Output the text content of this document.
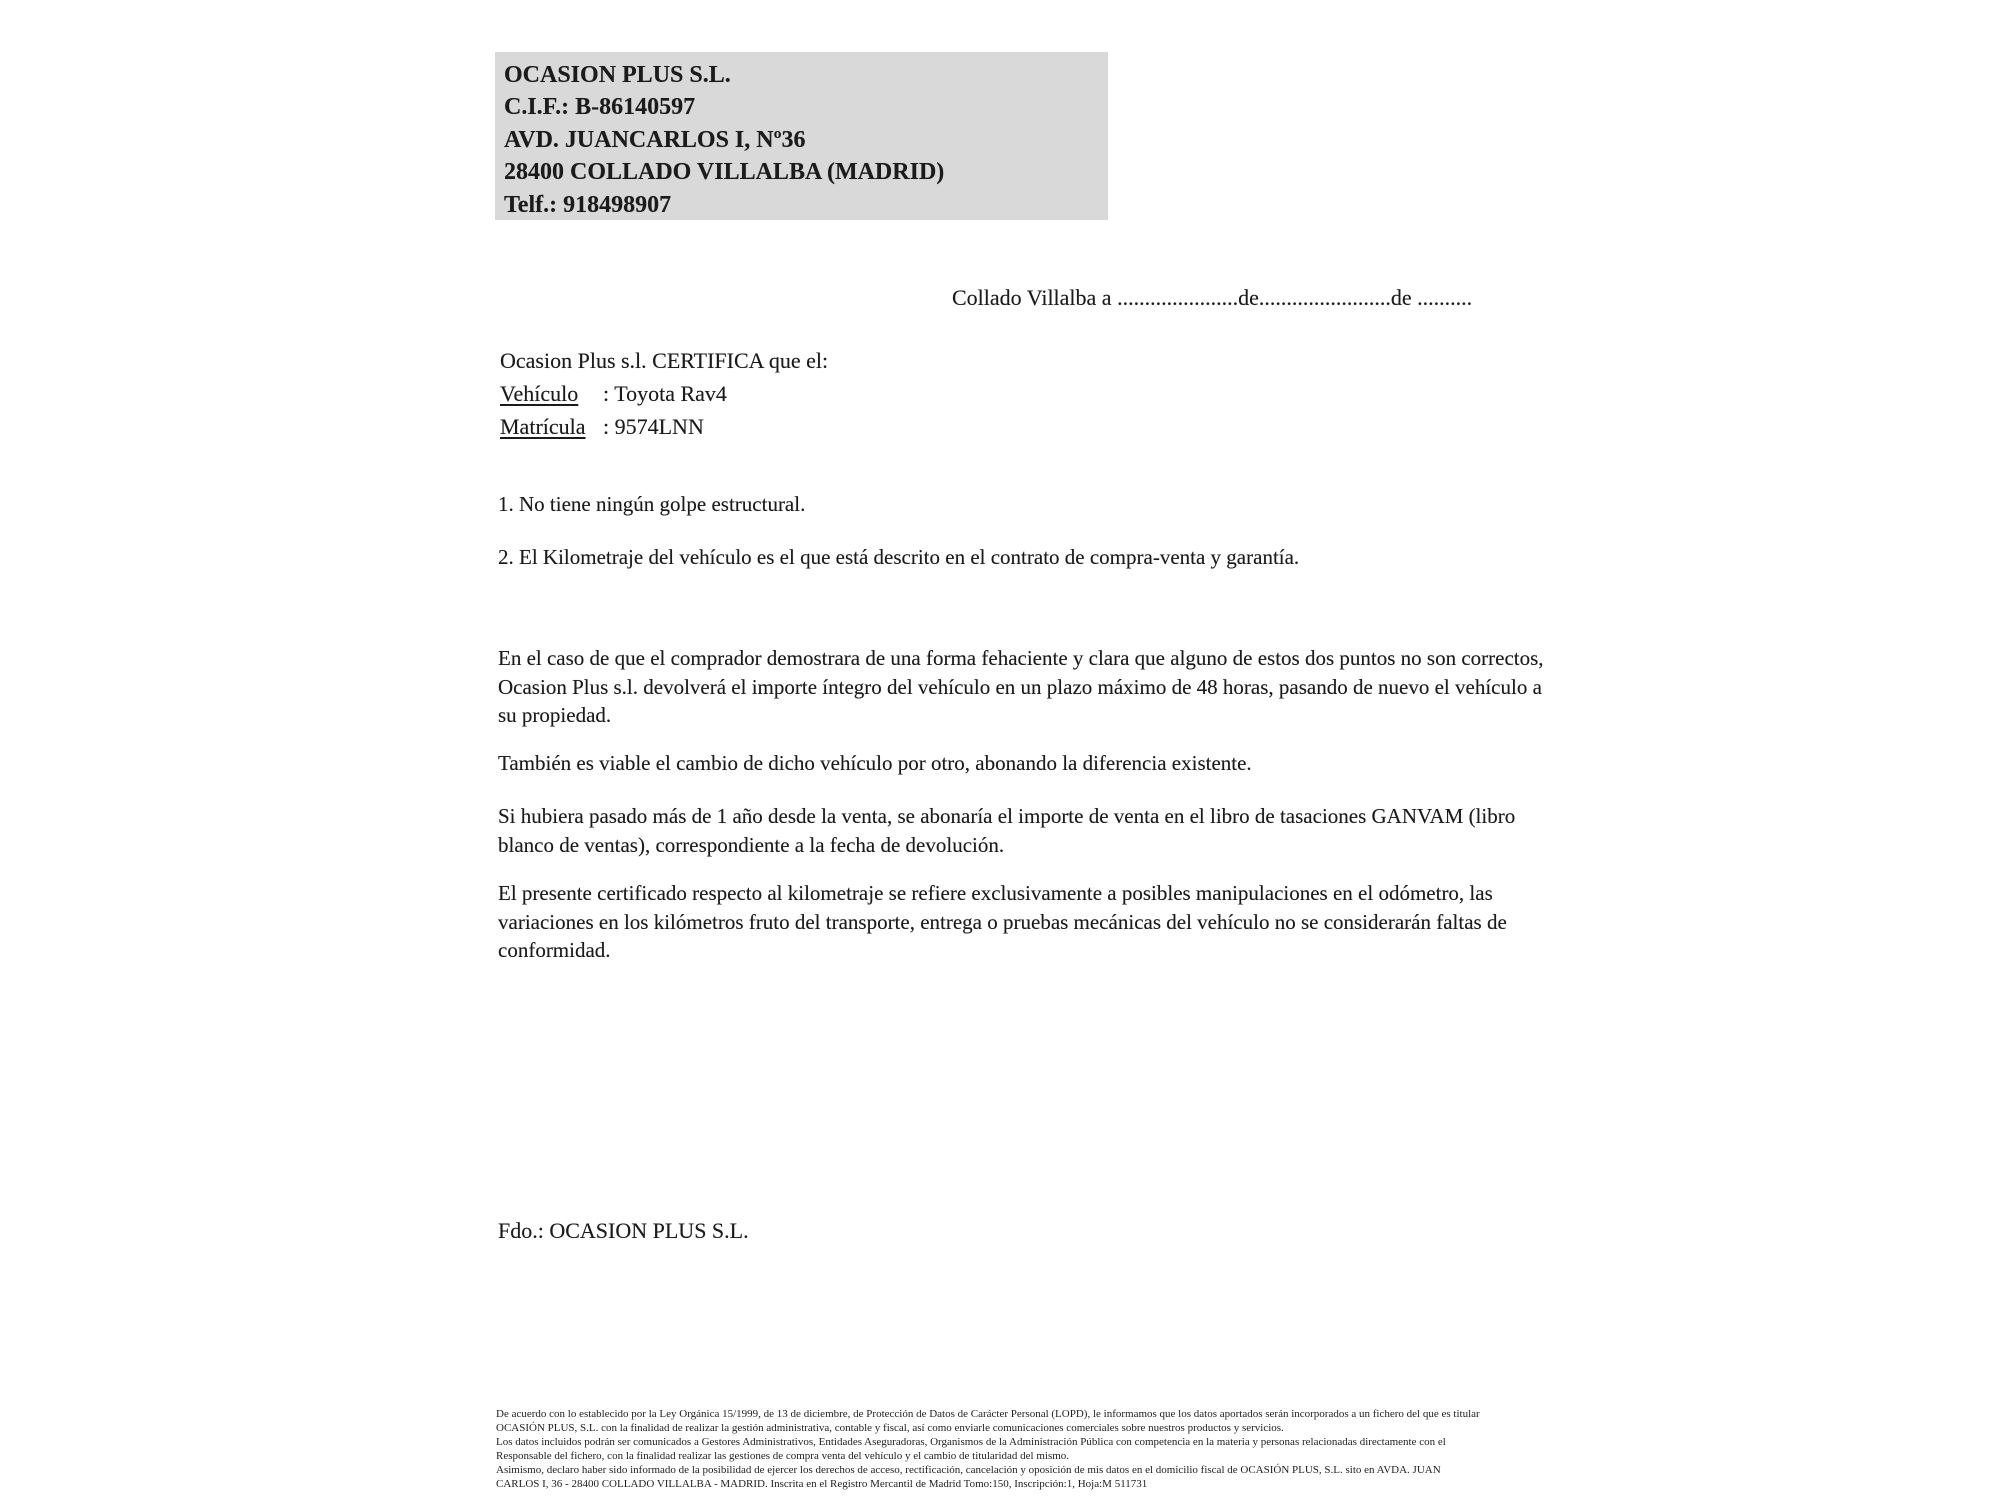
OCASION PLUS S.L.
C.I.F.: B-86140597
AVD. JUANCARLOS I, Nº36
28400 COLLADO VILLALBA (MADRID)
Telf.: 918498907
Collado Villalba a ......................de........................de ..........
Ocasion Plus s.l. CERTIFICA que el:
Vehículo : Toyota Rav4
Matrícula : 9574LNN
1. No tiene ningún golpe estructural.
2. El Kilometraje del vehículo es el que está descrito en el contrato de compra-venta y garantía.
En el caso de que el comprador demostrara de una forma fehaciente y clara que alguno de estos dos puntos no son correctos, Ocasion Plus s.l. devolverá el importe íntegro del vehículo en un plazo máximo de 48 horas, pasando de nuevo el vehículo a su propiedad.
También es viable el cambio de dicho vehículo por otro, abonando la diferencia existente.
Si hubiera pasado más de 1 año desde la venta, se abonaría el importe de venta en el libro de tasaciones GANVAM (libro blanco de ventas), correspondiente a la fecha de devolución.
El presente certificado respecto al kilometraje se refiere exclusivamente a posibles manipulaciones en el odómetro, las variaciones en los kilómetros fruto del transporte, entrega o pruebas mecánicas del vehículo no se considerarán faltas de conformidad.
Fdo.: OCASION PLUS S.L.
De acuerdo con lo establecido por la Ley Orgánica 15/1999, de 13 de diciembre, de Protección de Datos de Carácter Personal (LOPD), le informamos que los datos aportados serán incorporados a un fichero del que es titular
OCASIÓN PLUS, S.L. con la finalidad de realizar la gestión administrativa, contable y fiscal, así como enviarle comunicaciones comerciales sobre nuestros productos y servicios.
Los datos incluidos podrán ser comunicados a Gestores Administrativos, Entidades Aseguradoras, Organismos de la Administración Pública con competencia en la materia y personas relacionadas directamente con el
Responsable del fichero, con la finalidad realizar las gestiones de compra venta del vehículo y el cambio de titularidad del mismo.
Asimismo, declaro haber sido informado de la posibilidad de ejercer los derechos de acceso, rectificación, cancelación y oposición de mis datos en el domicilio fiscal de OCASIÓN PLUS, S.L. sito en AVDA. JUAN
CARLOS I, 36 - 28400 COLLADO VILLALBA - MADRID. Inscrita en el Registro Mercantil de Madrid Tomo:150, Inscripción:1, Hoja:M 511731
